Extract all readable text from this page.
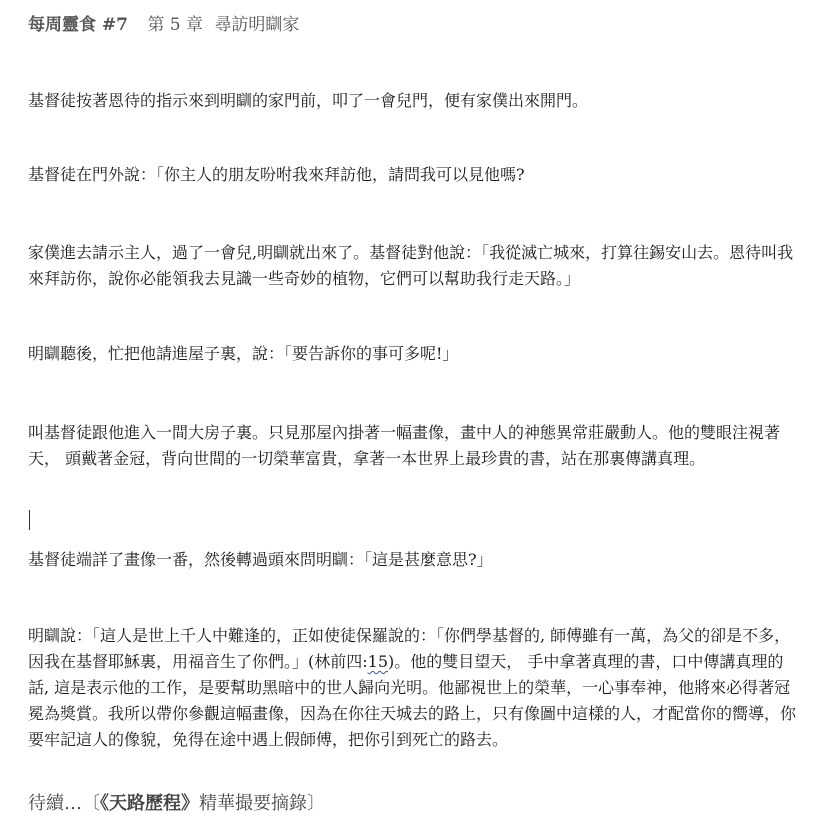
每周靈食 #7 第 5 章 尋訪明瞓家

基督徒按著恩待的指示來到明瞓的家門前，叩了一會兒門，便有家僕出來開門。

基督徒在門外說：「你主人的朋友吩咐我來拜訪他，請問我可以見他嗎?

家僕進去請示主人，過了一會兒,明瞓就出來了。基督徒對他說：「我從滅亡城來，打算往錫安山去。恩待叫我來拜訪你，說你必能領我去見識一些奇妙的植物，它們可以幫助我行走天路。」

明瞓聽後，忙把他請進屋子裏，說：「要告訴你的事可多呢!」

叫基督徒跟他進入一間大房子裏。只見那屋內掛著一幅畫像，畫中人的神態異常莊嚴動人。他的雙眼注視著天， 頭戴著金冠，背向世間的一切榮華富貴，拿著一本世界上最珍貴的書，站在那裏傳講真理。

基督徒端詳了畫像一番，然後轉過頭來問明瞓：「這是甚麼意思?」

明瞓說：「這人是世上千人中難逢的，正如使徒保羅說的：「你們學基督的, 師傅雖有一萬，為父的卻是不多，因我在基督耶穌裏，用福音生了你們。」(林前四:15)。他的雙目望天， 手中拿著真理的書，口中傳講真理的話, 這是表示他的工作，是要幫助黑暗中的世人歸向光明。他鄙視世上的榮華，一心事奉神，他將來必得著冠冕為獎賞。我所以帶你參觀這幅畫像，因為在你往天城去的路上，只有像圖中這樣的人，才配當你的嚮導，你要牢記這人的像貌，免得在途中遇上假師傅，把你引到死亡的路去。

待續…〔《天路歷程》精華撮要摘錄〕
